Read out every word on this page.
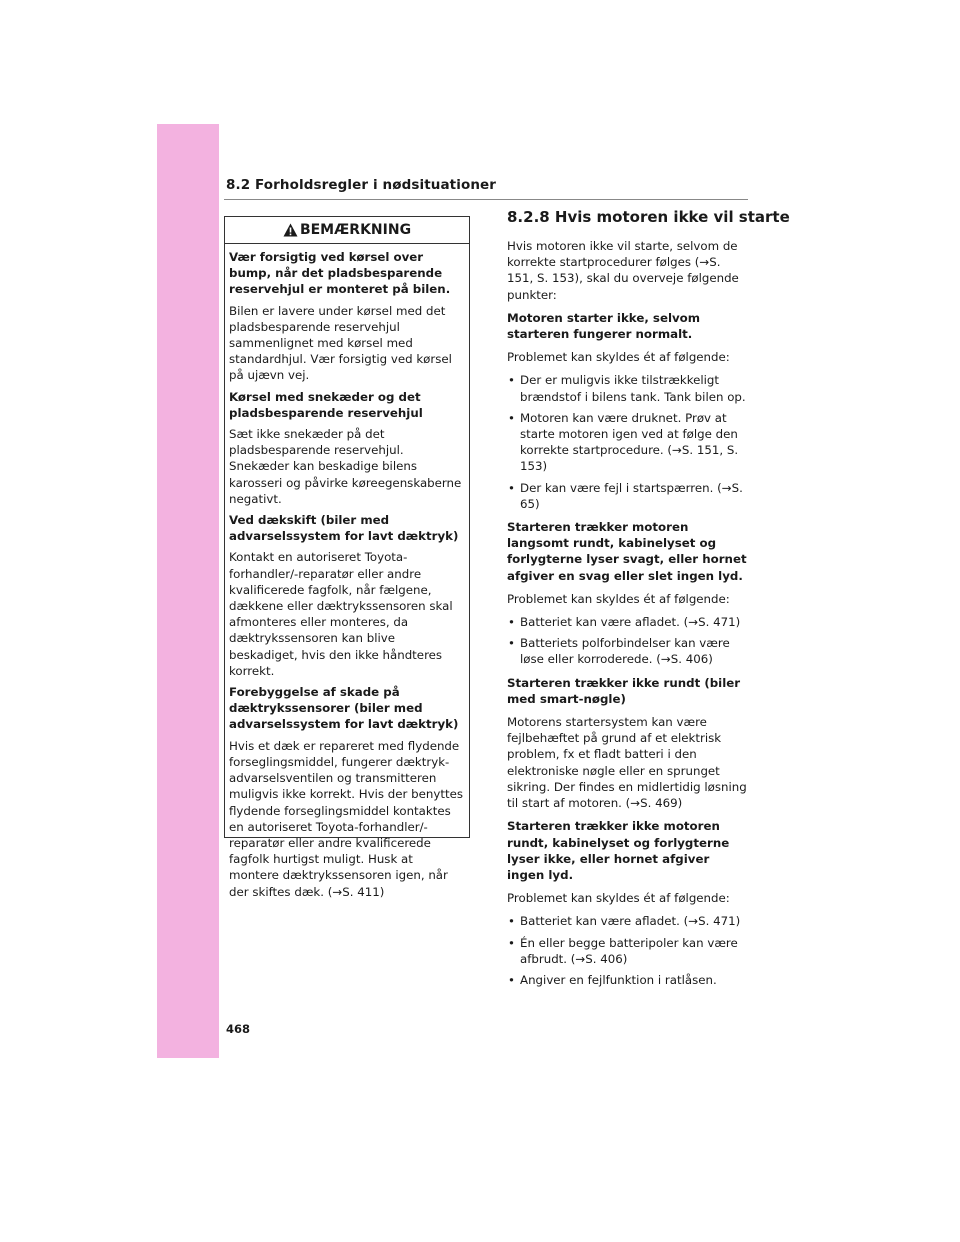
8.2 Forholdsregler i nødsituationer
BEMÆRKNING
Vær forsigtig ved kørsel over bump, når det pladsbesparende reservehjul er monteret på bilen.
Bilen er lavere under kørsel med det pladsbesparende reservehjul sammenlignet med kørsel med standardhjul. Vær forsigtig ved kørsel på ujævn vej.
Kørsel med snekæder og det pladsbesparende reservehjul
Sæt ikke snekæder på det pladsbesparende reservehjul. Snekæder kan beskadige bilens karosseri og påvirke køreegenskaberne negativt.
Ved dækskift (biler med advarselssystem for lavt dæktryk)
Kontakt en autoriseret Toyota-forhandler/-reparatør eller andre kvalificerede fagfolk, når fælgene, dækkene eller dæktrykssensoren skal afmonteres eller monteres, da dæktrykssensoren kan blive beskadiget, hvis den ikke håndteres korrekt.
Forebyggelse af skade på dæktrykssensorer (biler med advarselssystem for lavt dæktryk)
Hvis et dæk er repareret med flydende forseglingsmiddel, fungerer dæktryk-advarselsventilen og transmitteren muligvis ikke korrekt. Hvis der benyttes flydende forseglingsmiddel kontaktes en autoriseret Toyota-forhandler/-reparatør eller andre kvalificerede fagfolk hurtigst muligt. Husk at montere dæktrykssensoren igen, når der skiftes dæk. (→S. 411)
8.2.8 Hvis motoren ikke vil starte
Hvis motoren ikke vil starte, selvom de korrekte startprocedurer følges (→S. 151, S. 153), skal du overveje følgende punkter:
Motoren starter ikke, selvom starteren fungerer normalt.
Problemet kan skyldes ét af følgende:
• Der er muligvis ikke tilstrækkeligt brændstof i bilens tank. Tank bilen op.
• Motoren kan være druknet. Prøv at starte motoren igen ved at følge den korrekte startprocedure. (→S. 151, S. 153)
• Der kan være fejl i startspærren. (→S. 65)
Starteren trækker motoren langsomt rundt, kabinelyset og forlygterne lyser svagt, eller hornet afgiver en svag eller slet ingen lyd.
Problemet kan skyldes ét af følgende:
• Batteriet kan være afladet. (→S. 471)
• Batteriets polforbindelser kan være løse eller korroderede. (→S. 406)
Starteren trækker ikke rundt (biler med smart-nøgle)
Motorens startersystem kan være fejlbehæftet på grund af et elektrisk problem, fx et fladt batteri i den elektroniske nøgle eller en sprunget sikring. Der findes en midlertidig løsning til start af motoren. (→S. 469)
Starteren trækker ikke motoren rundt, kabinelyset og forlygterne lyser ikke, eller hornet afgiver ingen lyd.
Problemet kan skyldes ét af følgende:
• Batteriet kan være afladet. (→S. 471)
• Én eller begge batteripoler kan være afbrudt. (→S. 406)
• Angiver en fejlfunktion i ratlåsen.
468
